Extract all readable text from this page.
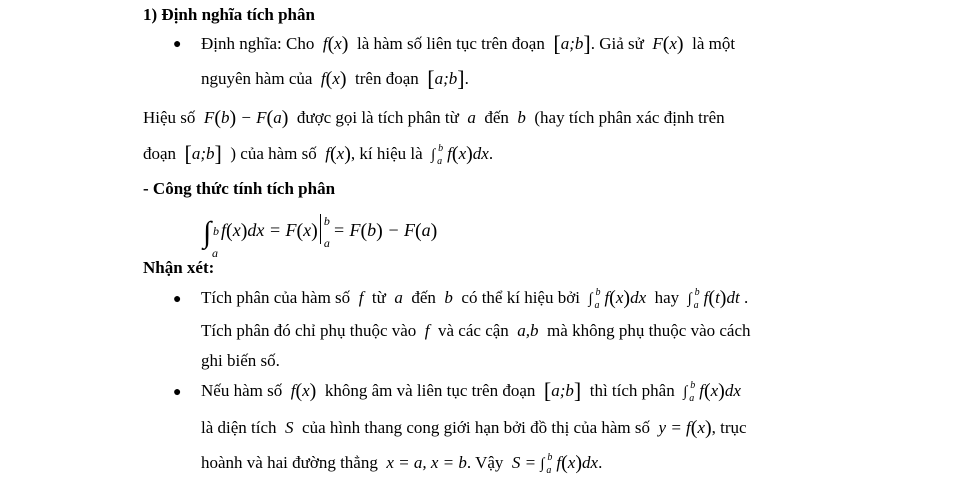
1) Định nghĩa tích phân
● Định nghĩa: Cho  f(x) là hàm số liên tục trên đoạn [a;b]. Giả sử  F(x) là một
nguyên hàm của  f(x) trên đoạn [a;b].
Hiệu số  F(b) − F(a) được gọi là tích phân từ  a  đến  b  (hay tích phân xác định trên
đoạn [a;b] ) của hàm số  f(x), kí hiệu là ∫ b
a f(x)dx.
- Công thức tính tích phân
∫ b
a
f(x)dx = F(x) b
a
= F(b) − F(a)
Nhận xét:
● Tích phân của hàm số  f  từ  a  đến  b  có thể kí hiệu bởi ∫ b
a f(x)dx  hay ∫ b
a f(t)dt .
Tích phân đó chỉ phụ thuộc vào  f  và các cận  a,b  mà không phụ thuộc vào cách
ghi biến số.
● Nếu hàm số  f(x) không âm và liên tục trên đoạn [a;b] thì tích phân ∫ b
a f(x)dx
là diện tích  S  của hình thang cong giới hạn bởi đồ thị của hàm số  y = f(x), trục
hoành và hai đường thẳng  x = a, x = b. Vậy  S = ∫ b
a f(x)dx.
